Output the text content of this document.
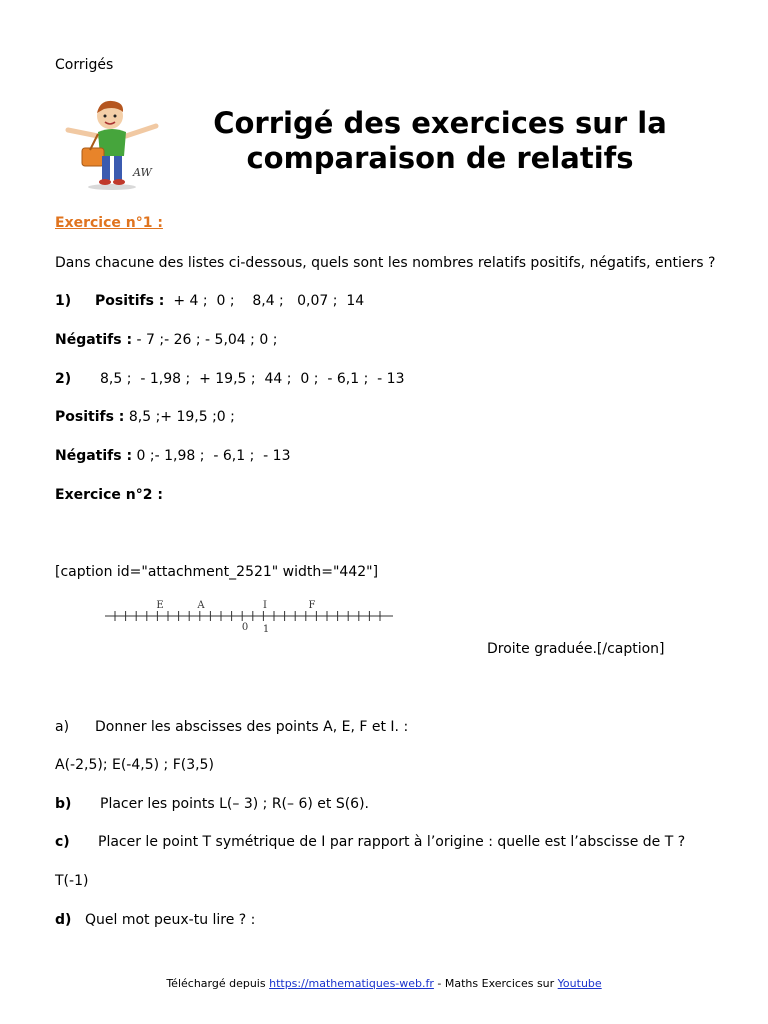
Corrigés
AW
Corrigé des exercices sur la
comparaison de relatifs
Exercice n°1 :
Dans chacune des listes ci-dessous, quels sont les nombres relatifs positifs, négatifs, entiers ?
1) Positifs : + 4 ;  0 ;    8,4 ;   0,07 ;  14
Négatifs : - 7 ;- 26 ; - 5,04 ; 0 ;
2) 8,5 ;  - 1,98 ;  + 19,5 ;  44 ;  0 ;  - 6,1 ;  - 13
Positifs : 8,5 ;+ 19,5 ;0 ;
Négatifs : 0 ;- 1,98 ;  - 6,1 ;  - 13
Exercice n°2 :
[caption id="attachment_2521" width="442"]
E	A	I	F
0 1
Droite graduée.[/caption]
a) Donner les abscisses des points A, E, F et I. :
A(-2,5); E(-4,5) ; F(3,5)
b) Placer les points L(– 3) ; R(– 6) et S(6).
c) Placer le point T symétrique de I par rapport à l’origine : quelle est l’abscisse de T ?
T(-1)
d) Quel mot peux-tu lire ? :
Téléchargé depuis https://mathematiques-web.fr - Maths Exercices sur Youtube
